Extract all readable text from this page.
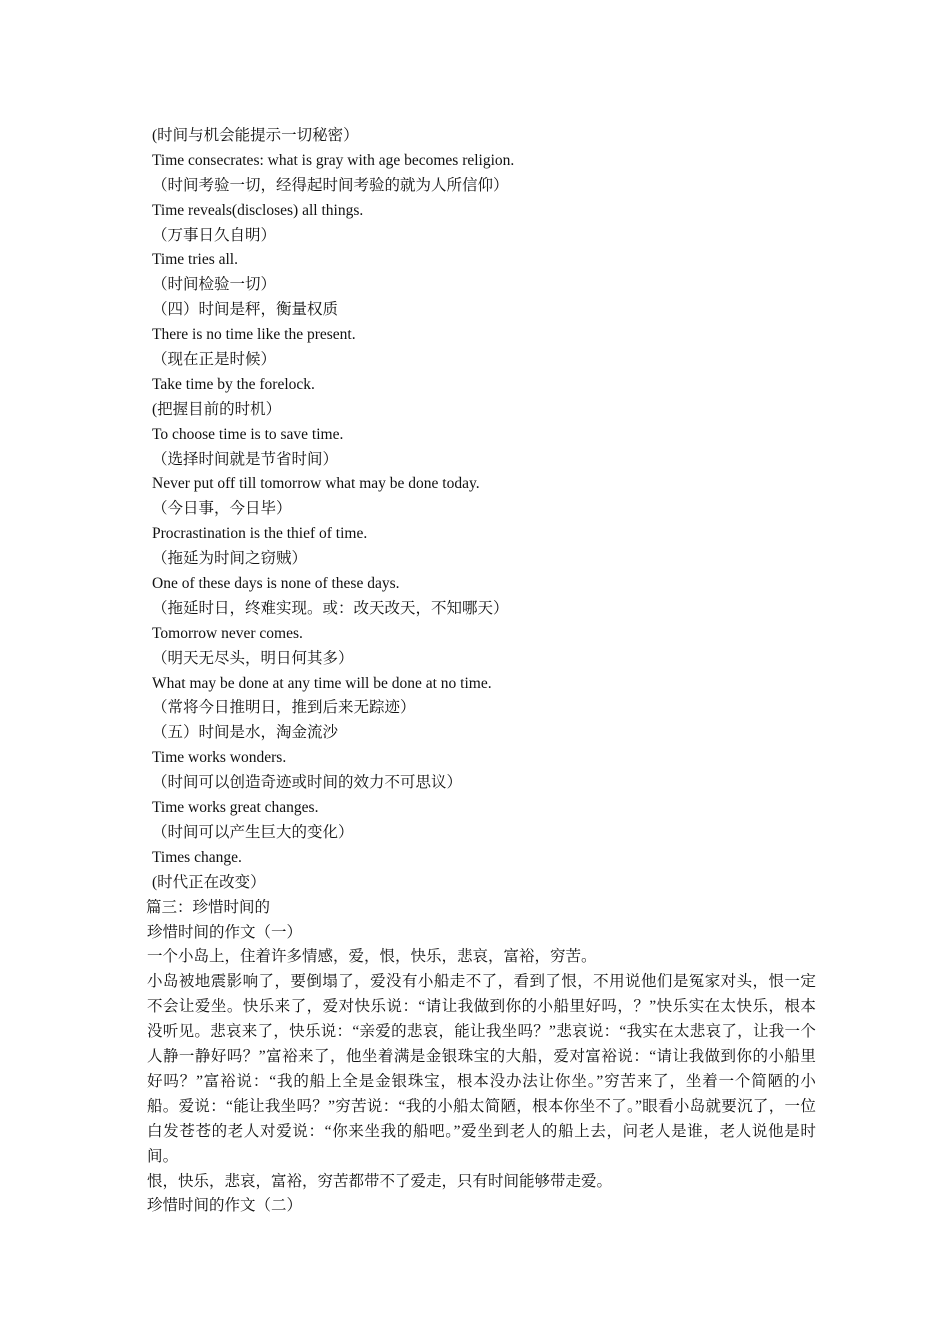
(时间与机会能提示一切秘密）

Time consecrates: what is gray with age becomes religion.

（时间考验一切，经得起时间考验的就为人所信仰）

Time reveals(discloses) all things.

（万事日久自明）

Time tries all.

（时间检验一切）

（四）时间是秤，衡量权质

There is no time like the present.

（现在正是时候）

Take time by the forelock.

(把握目前的时机）

To choose time is to save time.

（选择时间就是节省时间）

Never put off till tomorrow what may be done today.

（今日事，今日毕）

Procrastination is the thief of time.

（拖延为时间之窃贼）

One of these days is none of these days.

（拖延时日，终难实现。或：改天改天，不知哪天）

Tomorrow never comes.

（明天无尽头，明日何其多）

What may be done at any time will be done at no time.

（常将今日推明日，推到后来无踪迹）

（五）时间是水，淘金流沙

Time works wonders.

（时间可以创造奇迹或时间的效力不可思议）

Time works great changes.

（时间可以产生巨大的变化）

Times change.

(时代正在改变）

篇三：珍惜时间的

珍惜时间的作文（一）

一个小岛上，住着许多情感，爱，恨，快乐，悲哀，富裕，穷苦。

小岛被地震影响了，要倒塌了，爱没有小船走不了，看到了恨，不用说他们是冤家对头，恨一定不会让爱坐。快乐来了，爱对快乐说：“请让我做到你的小船里好吗，？”快乐实在太快乐，根本没听见。悲哀来了，快乐说：“亲爱的悲哀，能让我坐吗？”悲哀说：“我实在太悲哀了，让我一个人静一静好吗？”富裕来了，他坐着满是金银珠宝的大船，爱对富裕说：“请让我做到你的小船里好吗？”富裕说：“我的船上全是金银珠宝，根本没办法让你坐。”穷苦来了，坐着一个简陋的小船。爱说：“能让我坐吗？”穷苦说：“我的小船太简陋，根本你坐不了。”眼看小岛就要沉了，一位白发苍苍的老人对爱说：“你来坐我的船吧。”爱坐到老人的船上去，问老人是谁，老人说他是时间。

恨，快乐，悲哀，富裕，穷苦都带不了爱走，只有时间能够带走爱。

珍惜时间的作文（二）
